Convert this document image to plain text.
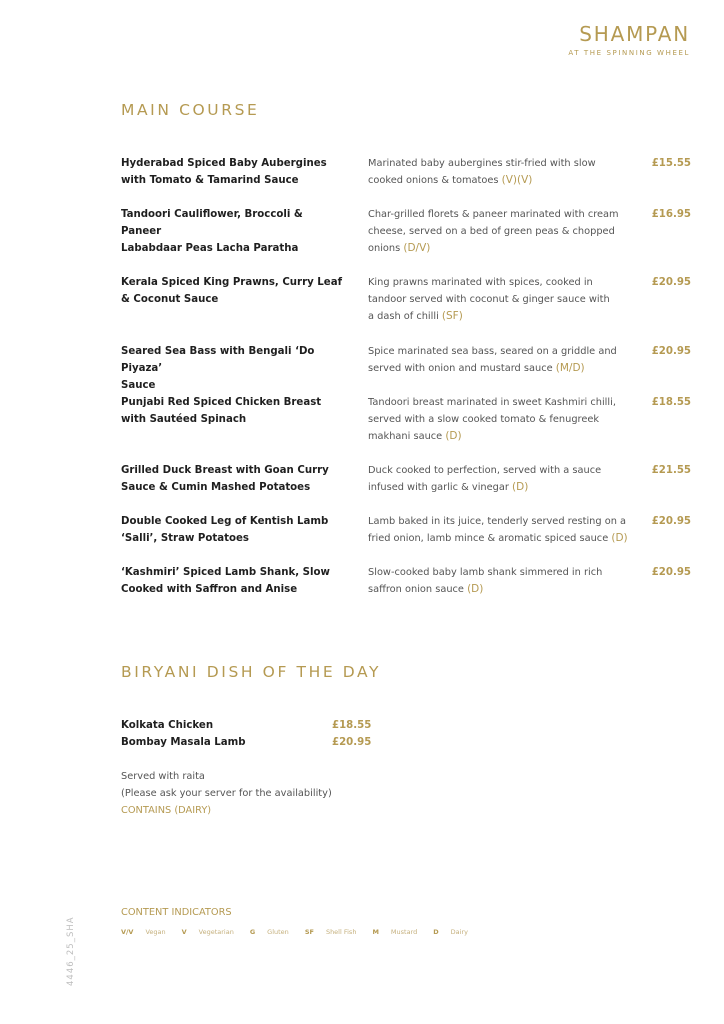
SHAMPAN
AT THE SPINNING WHEEL
MAIN COURSE
Hyderabad Spiced Baby Aubergines
with Tomato & Tamarind Sauce
Marinated baby aubergines stir-fried with slow
cooked onions & tomatoes (V)(V)
£15.55
Tandoori Cauliflower, Broccoli & Paneer
Lababdaar Peas Lacha Paratha
Char-grilled florets & paneer marinated with cream
cheese, served on a bed of green peas & chopped
onions (D/V)
£16.95
Kerala Spiced King Prawns, Curry Leaf
& Coconut Sauce
King prawns marinated with spices, cooked in
tandoor served with coconut & ginger sauce with
a dash of chilli (SF)
£20.95
Seared Sea Bass with Bengali ‘Do Piyaza’
Sauce
Spice marinated sea bass, seared on a griddle and
served with onion and mustard sauce (M/D)
£20.95
Punjabi Red Spiced Chicken Breast
with Sautéed Spinach
Tandoori breast marinated in sweet Kashmiri chilli,
served with a slow cooked tomato & fenugreek
makhani sauce (D)
£18.55
Grilled Duck Breast with Goan Curry
Sauce & Cumin Mashed Potatoes
Duck cooked to perfection, served with a sauce
infused with garlic & vinegar (D)
£21.55
Double Cooked Leg of Kentish Lamb
‘Salli’, Straw Potatoes
Lamb baked in its juice, tenderly served resting on a
fried onion, lamb mince & aromatic spiced sauce (D)
£20.95
‘Kashmiri’ Spiced Lamb Shank, Slow
Cooked with Saffron and Anise
Slow-cooked baby lamb shank simmered in rich
saffron onion sauce (D)
£20.95
BIRYANI DISH OF THE DAY
Kolkata Chicken	£18.55
Bombay Masala Lamb	£20.95
Served with raita
(Please ask your server for the availability)
CONTAINS (DAIRY)
CONTENT INDICATORS
V/V Vegan V Vegetarian G Gluten SF Shell Fish M Mustard D Dairy
4446_25_SHA
